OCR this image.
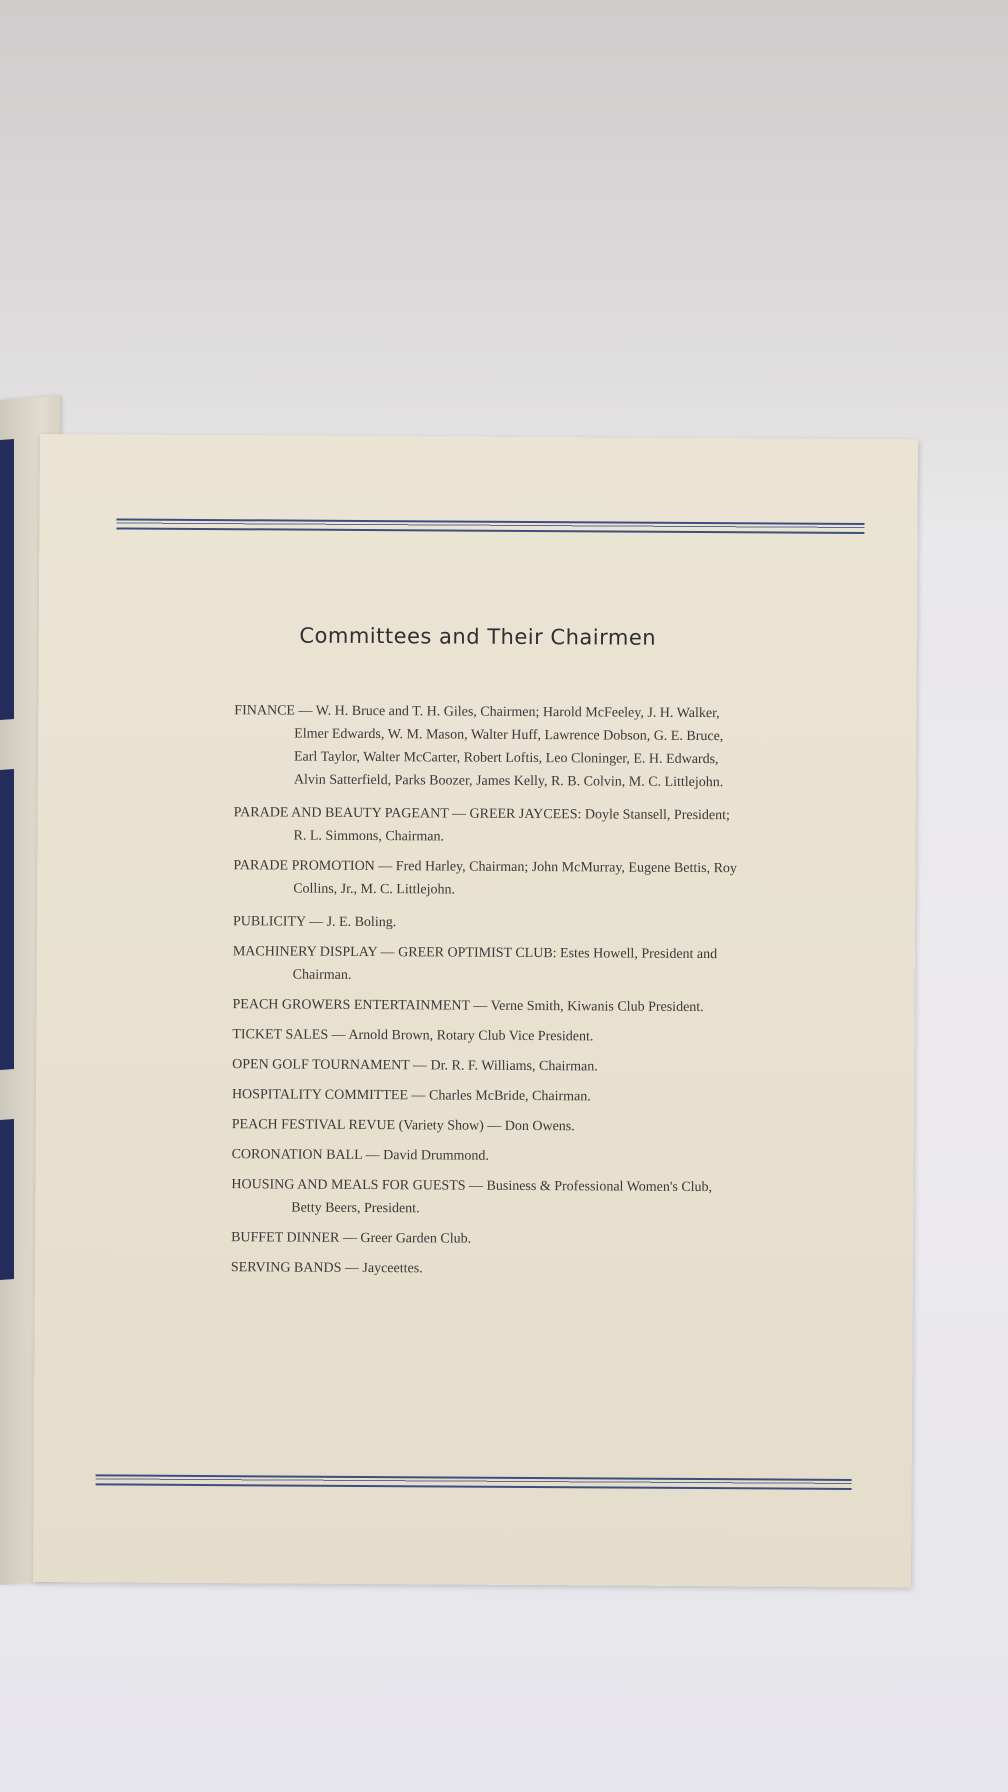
Committees and Their Chairmen
FINANCE — W. H. Bruce and T. H. Giles, Chairmen; Harold McFeeley, J. H. Walker, Elmer Edwards, W. M. Mason, Walter Huff, Lawrence Dobson, G. E. Bruce, Earl Taylor, Walter McCarter, Robert Loftis, Leo Cloninger, E. H. Edwards, Alvin Satterfield, Parks Boozer, James Kelly, R. B. Colvin, M. C. Littlejohn.
PARADE AND BEAUTY PAGEANT — GREER JAYCEES: Doyle Stansell, President; R. L. Simmons, Chairman.
PARADE PROMOTION — Fred Harley, Chairman; John McMurray, Eugene Bettis, Roy Collins, Jr., M. C. Littlejohn.
PUBLICITY — J. E. Boling.
MACHINERY DISPLAY — GREER OPTIMIST CLUB: Estes Howell, President and Chairman.
PEACH GROWERS ENTERTAINMENT — Verne Smith, Kiwanis Club President.
TICKET SALES — Arnold Brown, Rotary Club Vice President.
OPEN GOLF TOURNAMENT — Dr. R. F. Williams, Chairman.
HOSPITALITY COMMITTEE — Charles McBride, Chairman.
PEACH FESTIVAL REVUE (Variety Show) — Don Owens.
CORONATION BALL — David Drummond.
HOUSING AND MEALS FOR GUESTS — Business & Professional Women's Club, Betty Beers, President.
BUFFET DINNER — Greer Garden Club.
SERVING BANDS — Jayceettes.
